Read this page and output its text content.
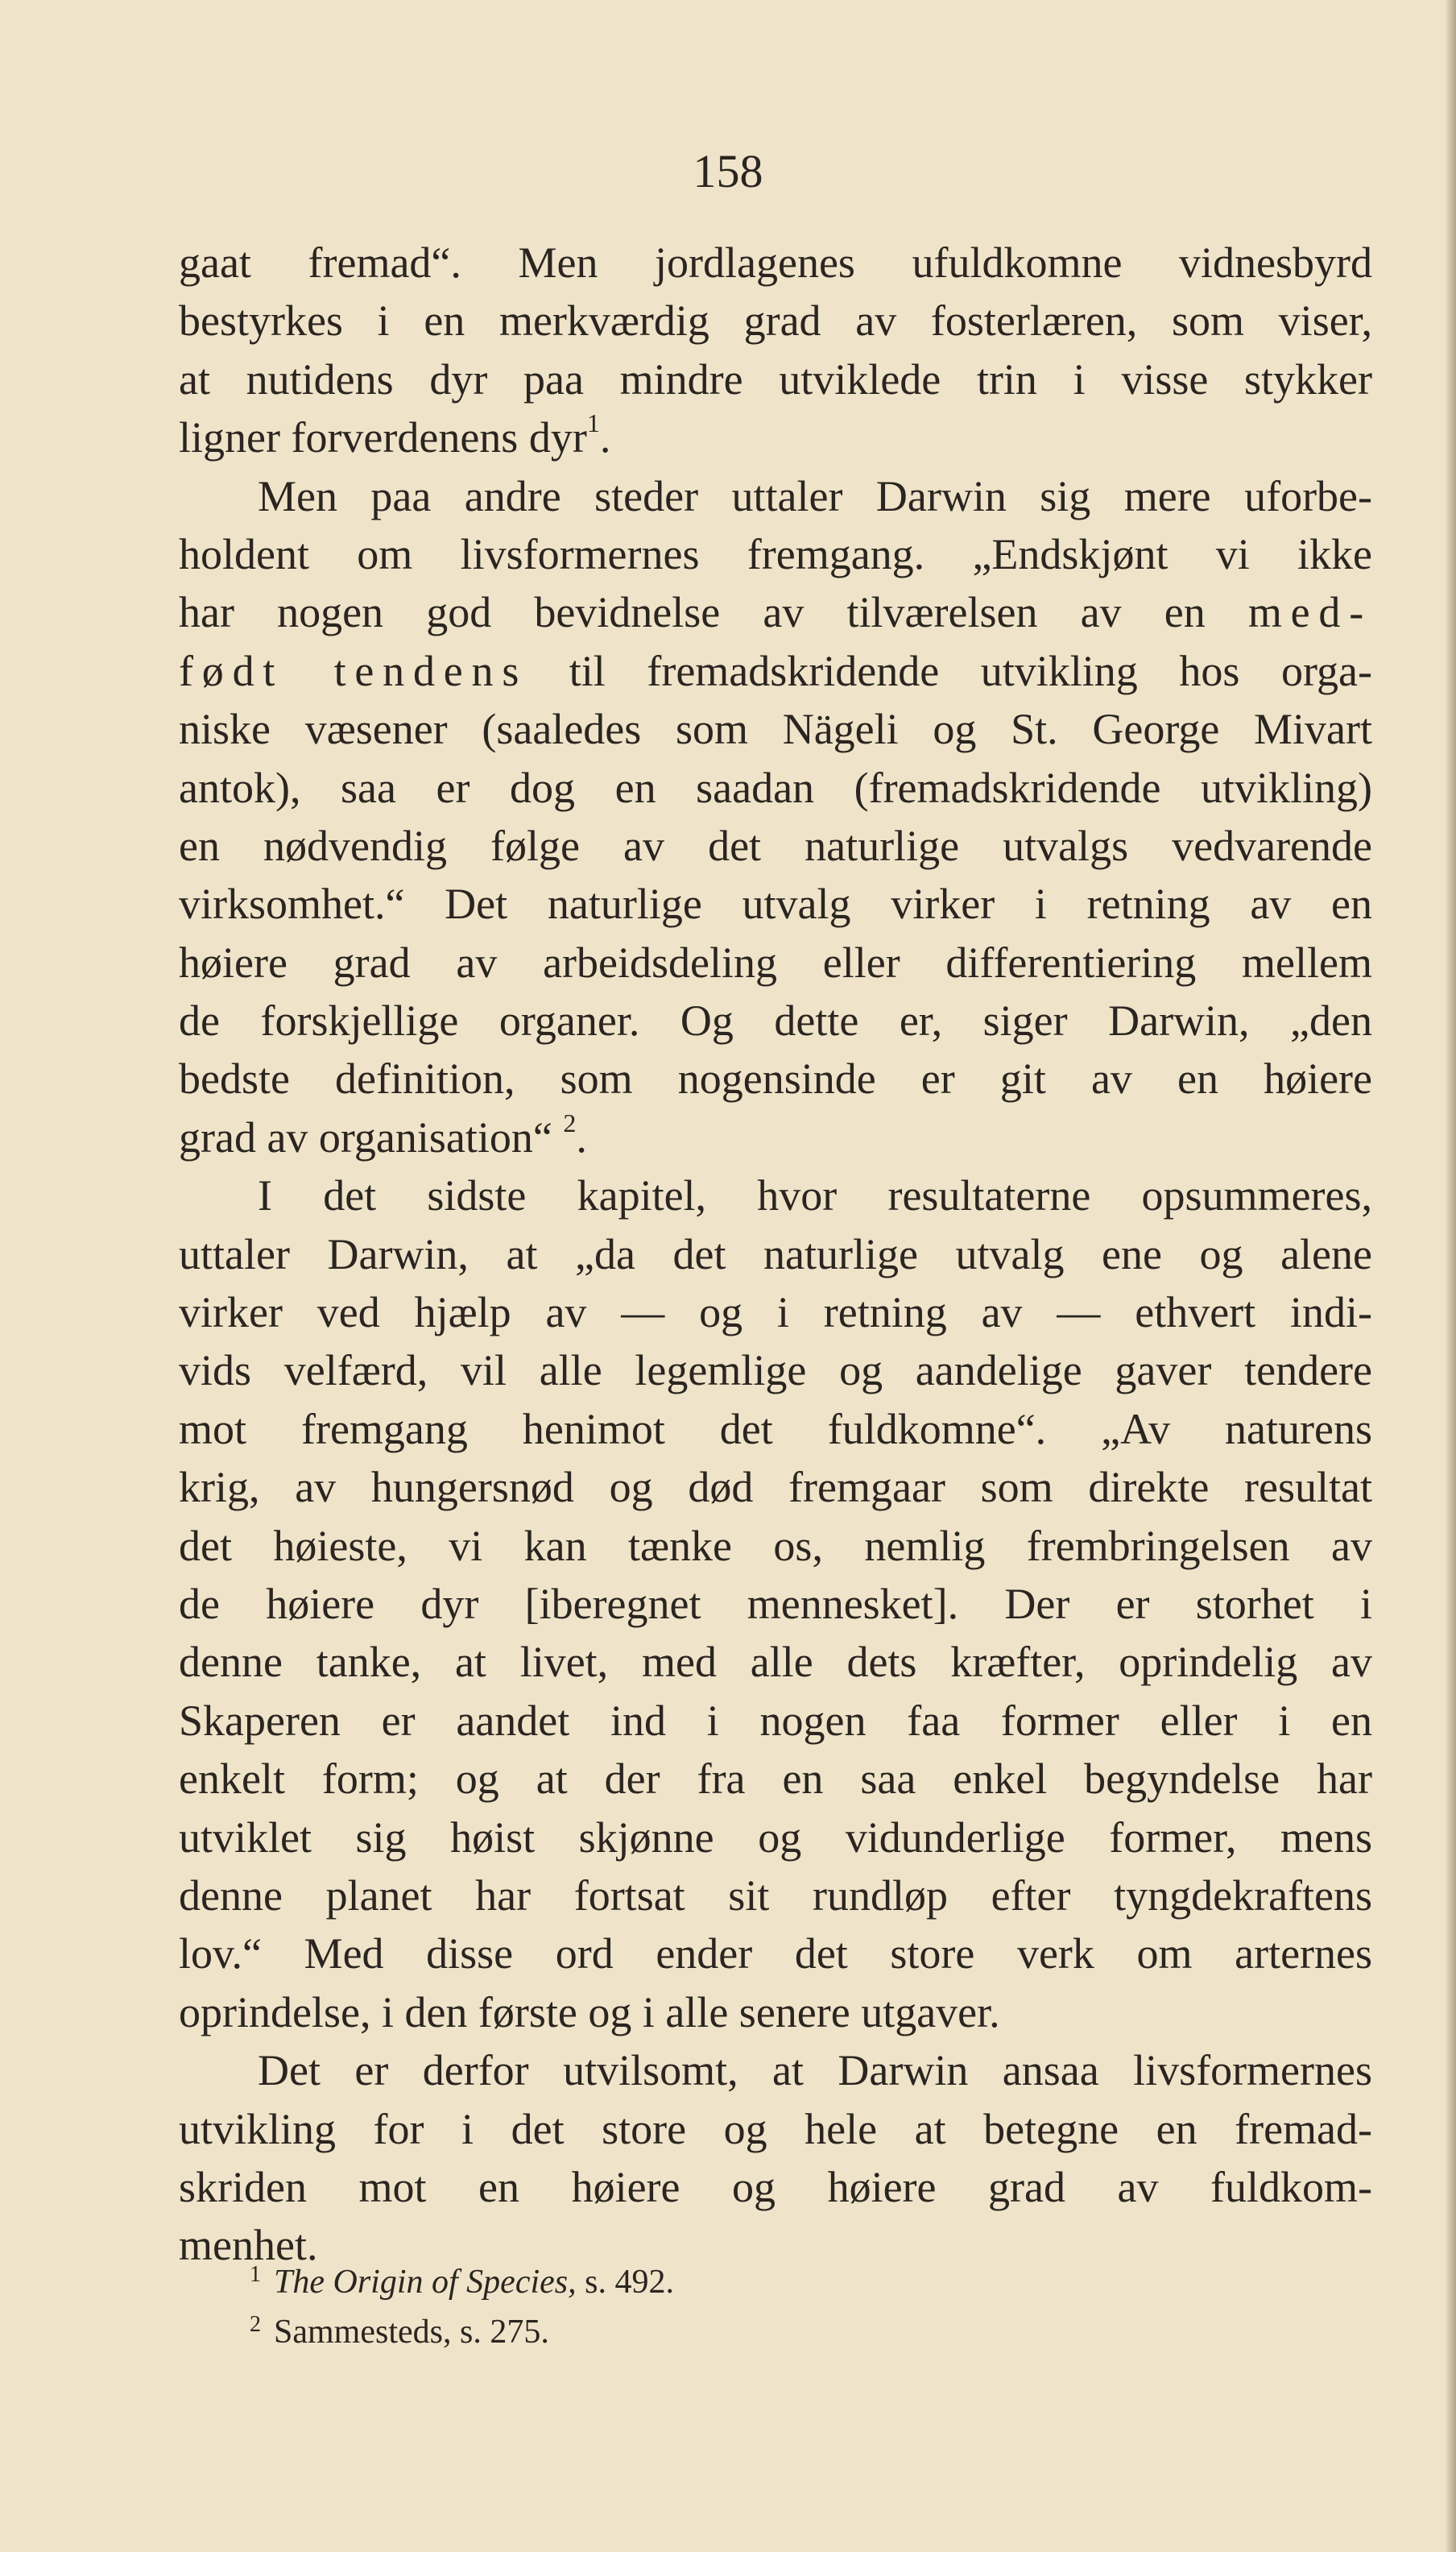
158
gaat fremad“. Men jordlagenes ufuldkomne vidnesbyrd
bestyrkes i en merkværdig grad av fosterlæren, som viser,
at nutidens dyr paa mindre utviklede trin i visse stykker
ligner forverdenens dyr$^1$.
Men paa andre steder uttaler Darwin sig mere uforbe-
holdent om livsformernes fremgang. „Endskjønt vi ikke
har nogen god bevidnelse av tilværelsen av en med-
født tendens til fremadskridende utvikling hos orga-
niske væsener (saaledes som Nägeli og St. George Mivart
antok), saa er dog en saadan (fremadskridende utvikling)
en nødvendig følge av det naturlige utvalgs vedvarende
virksomhet.“ Det naturlige utvalg virker i retning av en
høiere grad av arbeidsdeling eller differentiering mellem
de forskjellige organer. Og dette er, siger Darwin, „den
bedste definition, som nogensinde er git av en høiere
grad av organisation“ $^2$.
I det sidste kapitel, hvor resultaterne opsummeres,
uttaler Darwin, at „da det naturlige utvalg ene og alene
virker ved hjælp av — og i retning av — ethvert indi-
vids velfærd, vil alle legemlige og aandelige gaver tendere
mot fremgang henimot det fuldkomne“. „Av naturens
krig, av hungersnød og død fremgaar som direkte resultat
det høieste, vi kan tænke os, nemlig frembringelsen av
de høiere dyr [iberegnet mennesket]. Der er storhet i
denne tanke, at livet, med alle dets kræfter, oprindelig av
Skaperen er aandet ind i nogen faa former eller i en
enkelt form; og at der fra en saa enkel begyndelse har
utviklet sig høist skjønne og vidunderlige former, mens
denne planet har fortsat sit rundløp efter tyngdekraftens
lov.“ Med disse ord ender det store verk om arternes
oprindelse, i den første og i alle senere utgaver.
Det er derfor utvilsomt, at Darwin ansaa livsformernes
utvikling for i det store og hele at betegne en fremad-
skriden mot en høiere og høiere grad av fuldkom-
menhet.
$^1$ The Origin of Species, s. 492.
$^2$ Sammesteds, s. 275.
